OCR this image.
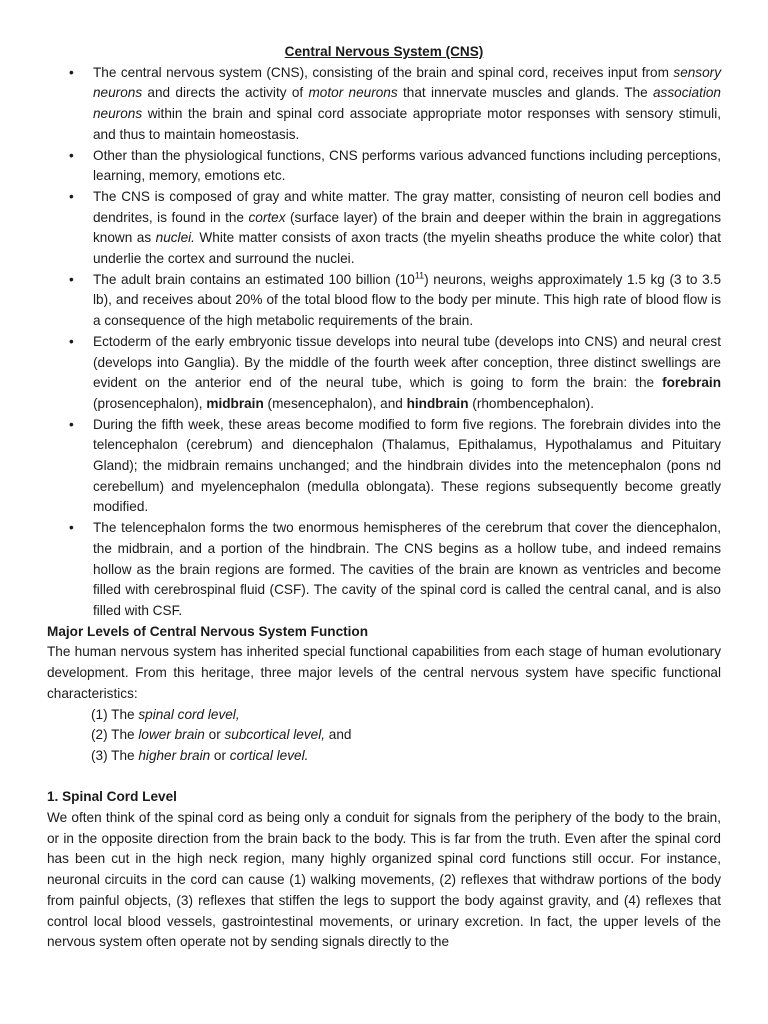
Central Nervous System (CNS)

• The central nervous system (CNS), consisting of the brain and spinal cord, receives input from sensory neurons and directs the activity of motor neurons that innervate muscles and glands. The association neurons within the brain and spinal cord associate appropriate motor responses with sensory stimuli, and thus to maintain homeostasis.
• Other than the physiological functions, CNS performs various advanced functions including perceptions, learning, memory, emotions etc.
• The CNS is composed of gray and white matter. The gray matter, consisting of neuron cell bodies and dendrites, is found in the cortex (surface layer) of the brain and deeper within the brain in aggregations known as nuclei. White matter consists of axon tracts (the myelin sheaths produce the white color) that underlie the cortex and surround the nuclei.
• The adult brain contains an estimated 100 billion $(10^{11})$ neurons, weighs approximately 1.5 kg (3 to 3.5 lb), and receives about 20% of the total blood flow to the body per minute. This high rate of blood flow is a consequence of the high metabolic requirements of the brain.
• Ectoderm of the early embryonic tissue develops into neural tube (develops into CNS) and neural crest (develops into Ganglia). By the middle of the fourth week after conception, three distinct swellings are evident on the anterior end of the neural tube, which is going to form the brain: the forebrain (prosencephalon), midbrain (mesencephalon), and hindbrain (rhombencephalon).
• During the fifth week, these areas become modified to form five regions. The forebrain divides into the telencephalon (cerebrum) and diencephalon (Thalamus, Epithalamus, Hypothalamus and Pituitary Gland); the midbrain remains unchanged; and the hindbrain divides into the metencephalon (pons nd cerebellum) and myelencephalon (medulla oblongata). These regions subsequently become greatly modified.
• The telencephalon forms the two enormous hemispheres of the cerebrum that cover the diencephalon, the midbrain, and a portion of the hindbrain. The CNS begins as a hollow tube, and indeed remains hollow as the brain regions are formed. The cavities of the brain are known as ventricles and become filled with cerebrospinal fluid (CSF). The cavity of the spinal cord is called the central canal, and is also filled with CSF.

Major Levels of Central Nervous System Function

The human nervous system has inherited special functional capabilities from each stage of human evolutionary development. From this heritage, three major levels of the central nervous system have specific functional characteristics:

(1) The spinal cord level,
(2) The lower brain or subcortical level, and
(3) The higher brain or cortical level.

1. Spinal Cord Level

We often think of the spinal cord as being only a conduit for signals from the periphery of the body to the brain, or in the opposite direction from the brain back to the body. This is far from the truth. Even after the spinal cord has been cut in the high neck region, many highly organized spinal cord functions still occur. For instance, neuronal circuits in the cord can cause (1) walking movements, (2) reflexes that withdraw portions of the body from painful objects, (3) reflexes that stiffen the legs to support the body against gravity, and (4) reflexes that control local blood vessels, gastrointestinal movements, or urinary excretion. In fact, the upper levels of the nervous system often operate not by sending signals directly to the
